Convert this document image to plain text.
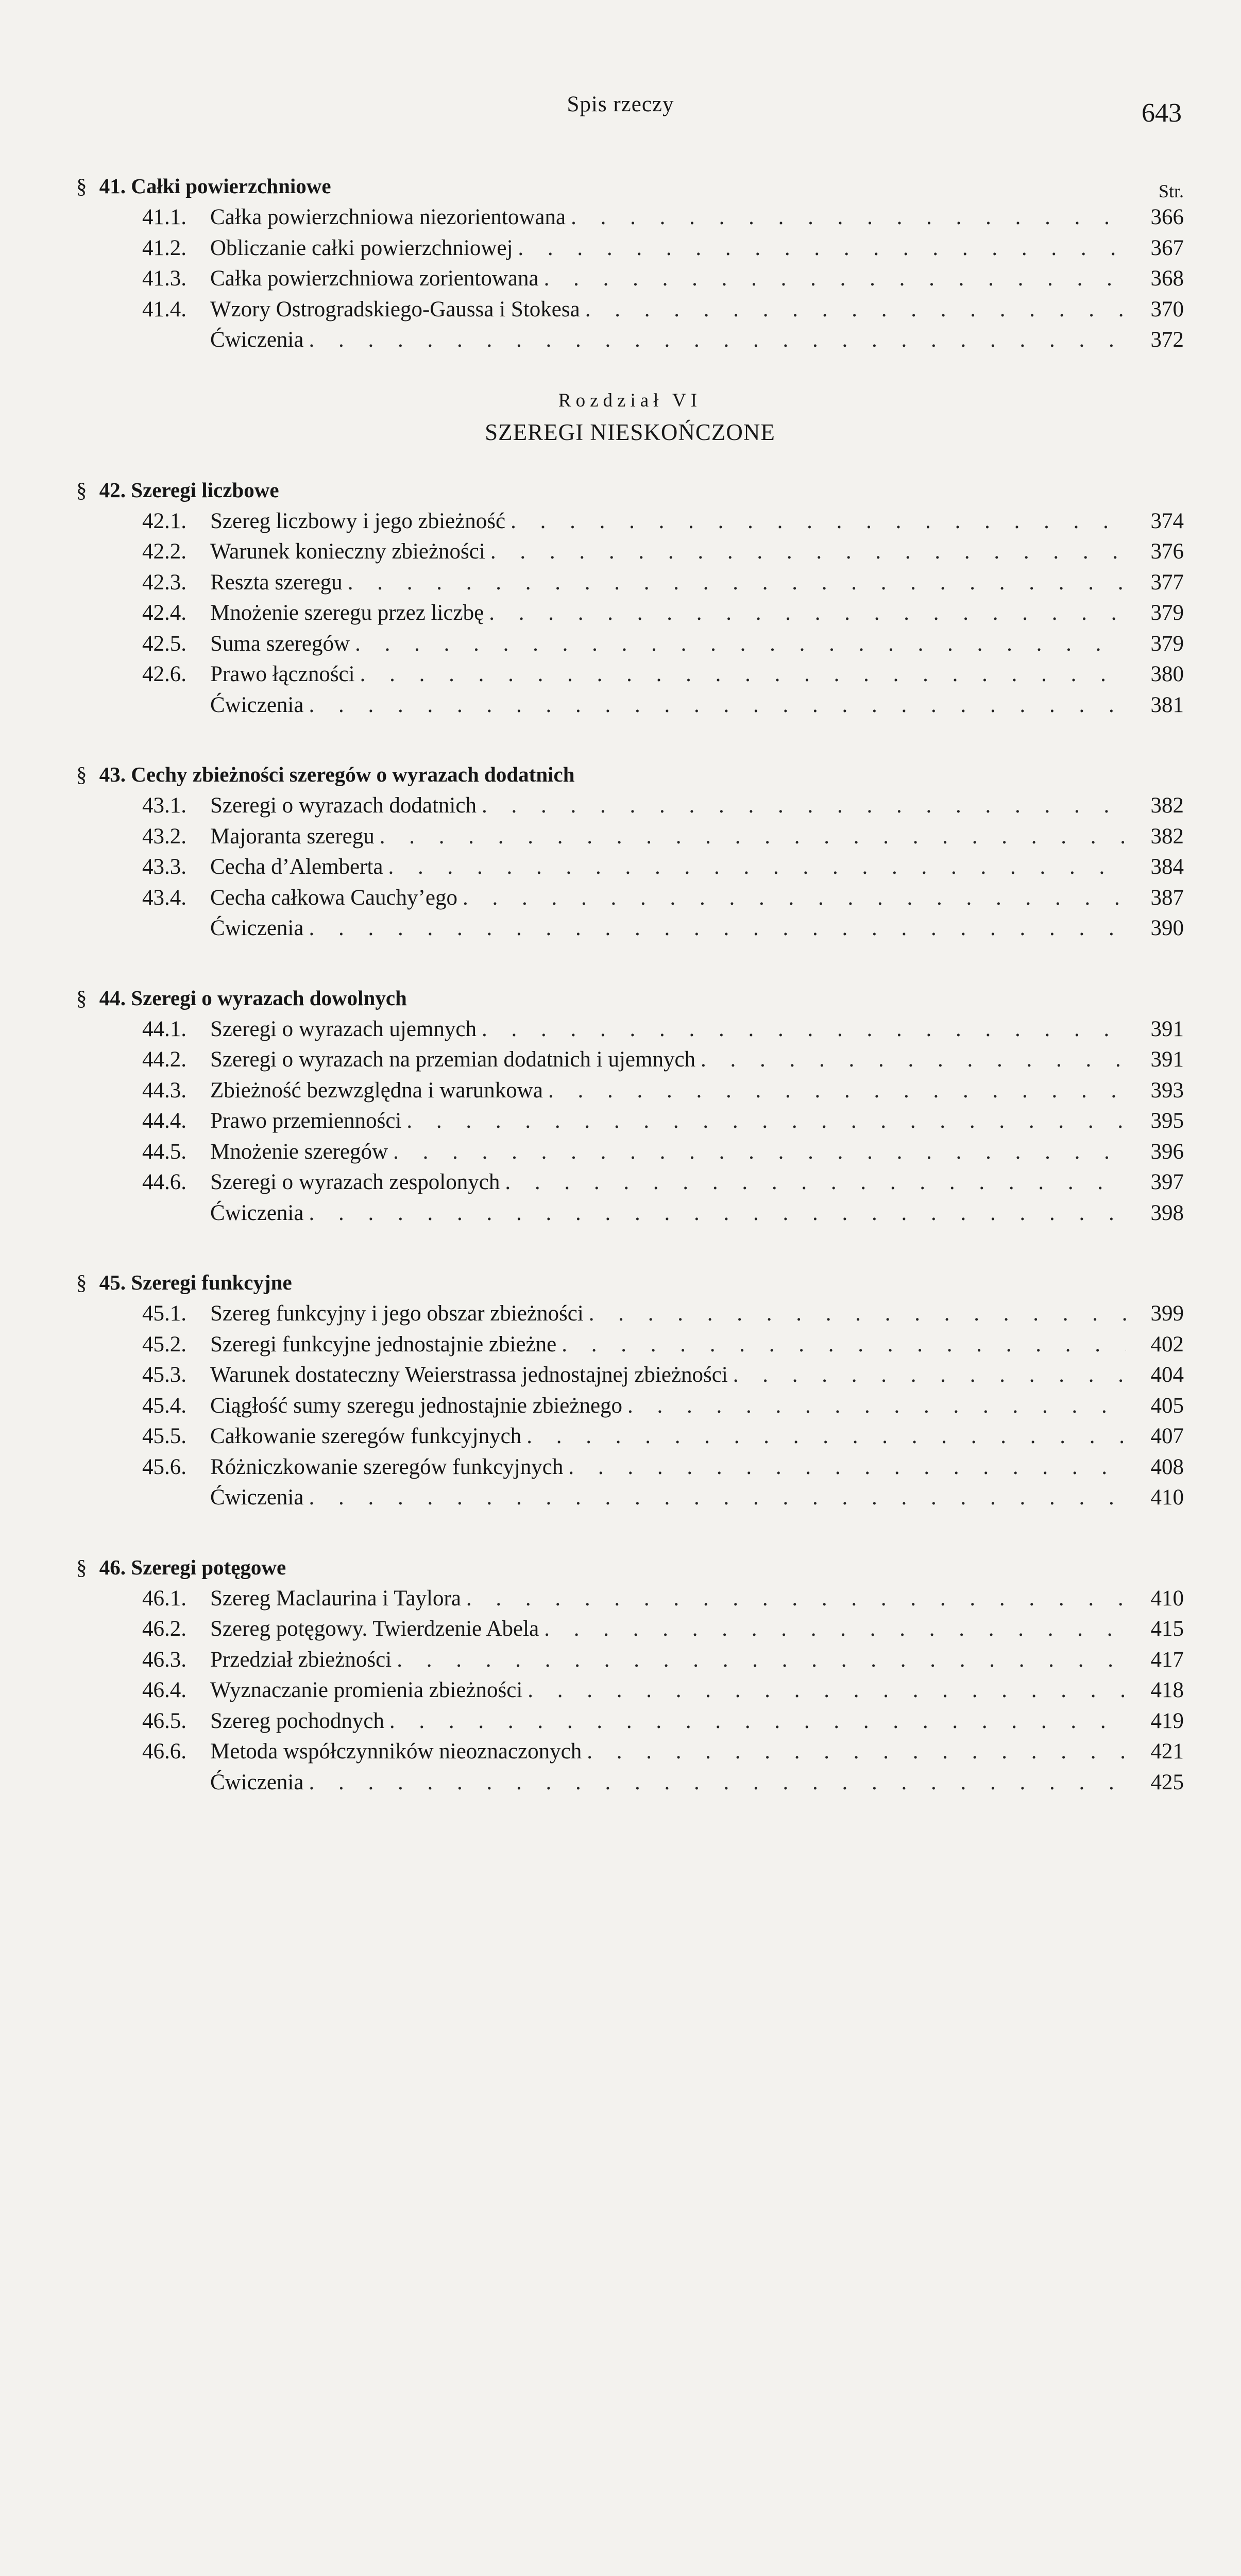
Spis rzeczy	643
§ 41. Całki powierzchniowe	Str.
41.1.	Całka powierzchniowa niezorientowana . . .	366
41.2.	Obliczanie całki powierzchniowej . . .	367
41.3.	Całka powierzchniowa zorientowana . . .	368
41.4.	Wzory Ostrogradskiego-Gaussa i Stokesa . . .	370
Ćwiczenia . . .	372
Rozdział VI
SZEREGI NIESKOŃCZONE
§ 42. Szeregi liczbowe
42.1.	Szereg liczbowy i jego zbieżność . . .	374
42.2.	Warunek konieczny zbieżności . . .	376
42.3.	Reszta szeregu . . .	377
42.4.	Mnożenie szeregu przez liczbę . . .	379
42.5.	Suma szeregów . . .	379
42.6.	Prawo łączności . . .	380
Ćwiczenia . . .	381
§ 43. Cechy zbieżności szeregów o wyrazach dodatnich
43.1.	Szeregi o wyrazach dodatnich . . .	382
43.2.	Majoranta szeregu . . .	382
43.3.	Cecha d’Alemberta . . .	384
43.4.	Cecha całkowa Cauchy’ego . . .	387
Ćwiczenia . . .	390
§ 44. Szeregi o wyrazach dowolnych
44.1.	Szeregi o wyrazach ujemnych . . .	391
44.2.	Szeregi o wyrazach na przemian dodatnich i ujemnych . . .	391
44.3.	Zbieżność bezwzględna i warunkowa . . .	393
44.4.	Prawo przemienności . . .	395
44.5.	Mnożenie szeregów . . .	396
44.6.	Szeregi o wyrazach zespolonych . . .	397
Ćwiczenia . . .	398
§ 45. Szeregi funkcyjne
45.1.	Szereg funkcyjny i jego obszar zbieżności . . .	399
45.2.	Szeregi funkcyjne jednostajnie zbieżne . . .	402
45.3.	Warunek dostateczny Weierstrassa jednostajnej zbieżności . . .	404
45.4.	Ciągłość sumy szeregu jednostajnie zbieżnego . . .	405
45.5.	Całkowanie szeregów funkcyjnych . . .	407
45.6.	Różniczkowanie szeregów funkcyjnych . . .	408
Ćwiczenia . . .	410
§ 46. Szeregi potęgowe
46.1.	Szereg Maclaurina i Taylora . . .	410
46.2.	Szereg potęgowy. Twierdzenie Abela . . .	415
46.3.	Przedział zbieżności . . .	417
46.4.	Wyznaczanie promienia zbieżności . . .	418
46.5.	Szereg pochodnych . . .	419
46.6.	Metoda współczynników nieoznaczonych . . .	421
Ćwiczenia . . .	425
